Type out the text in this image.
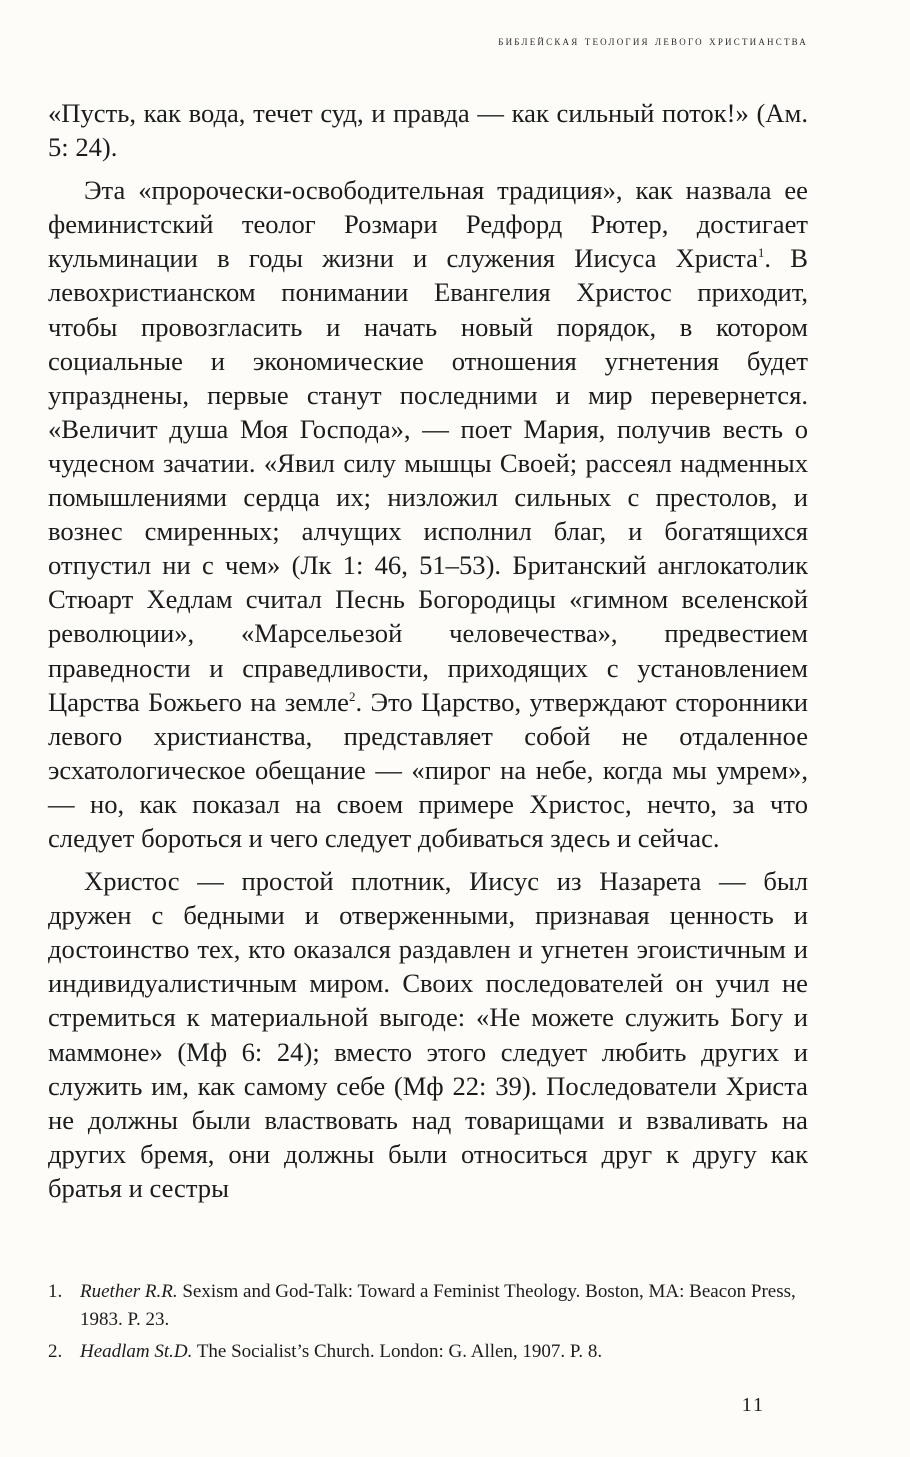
библейская теология левого христианства

«Пусть, как вода, течет суд, и правда — как сильный поток!» (Ам. 5: 24).

Эта «пророчески-освободительная традиция», как назвала ее феминистский теолог Розмари Редфорд Рютер, достигает кульминации в годы жизни и служения Иисуса Христа$^1$. В левохристианском понимании Евангелия Христос приходит, чтобы провозгласить и начать новый порядок, в котором социальные и экономические отношения угнетения будет упразднены, первые станут последними и мир перевернется. «Величит душа Моя Господа», — поет Мария, получив весть о чудесном зачатии. «Явил силу мышцы Своей; рассеял надменных помышлениями сердца их; низложил сильных с престолов, и вознес смиренных; алчущих исполнил благ, и богатящихся отпустил ни с чем» (Лк 1: 46, 51–53). Британский англокатолик Стюарт Хедлам считал Песнь Богородицы «гимном вселенской революции», «Марсельезой человечества», предвестием праведности и справедливости, приходящих с установлением Царства Божьего на земле$^2$. Это Царство, утверждают сторонники левого христианства, представляет собой не отдаленное эсхатологическое обещание — «пирог на небе, когда мы умрем», — но, как показал на своем примере Христос, нечто, за что следует бороться и чего следует добиваться здесь и сейчас.

Христос — простой плотник, Иисус из Назарета — был дружен с бедными и отверженными, признавая ценность и достоинство тех, кто оказался раздавлен и угнетен эгоистичным и индивидуалистичным миром. Своих последователей он учил не стремиться к материальной выгоде: «Не можете служить Богу и маммоне» (Мф 6: 24); вместо этого следует любить других и служить им, как самому себе (Мф 22: 39). Последователи Христа не должны были властвовать над товарищами и взваливать на других бремя, они должны были относиться друг к другу как братья и сестры

1. Ruether R.R. Sexism and God-Talk: Toward a Feminist Theology. Boston, MA: Beacon Press, 1983. P. 23.
2. Headlam St.D. The Socialist’s Church. London: G. Allen, 1907. P. 8.
11
